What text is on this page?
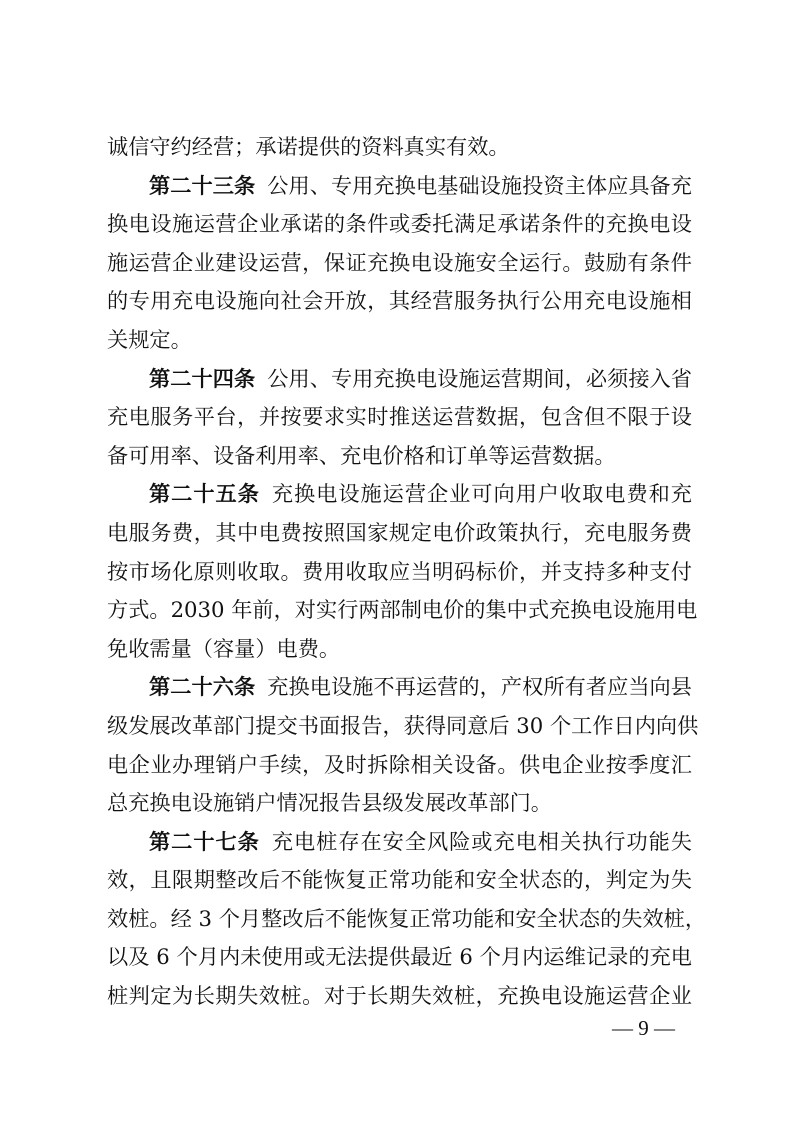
诚信守约经营；承诺提供的资料真实有效。
第二十三条 公用、专用充换电基础设施投资主体应具备充
换电设施运营企业承诺的条件或委托满足承诺条件的充换电设
施运营企业建设运营，保证充换电设施安全运行。鼓励有条件
的专用充电设施向社会开放，其经营服务执行公用充电设施相
关规定。
第二十四条 公用、专用充换电设施运营期间，必须接入省
充电服务平台，并按要求实时推送运营数据，包含但不限于设
备可用率、设备利用率、充电价格和订单等运营数据。
第二十五条 充换电设施运营企业可向用户收取电费和充
电服务费，其中电费按照国家规定电价政策执行，充电服务费
按市场化原则收取。费用收取应当明码标价，并支持多种支付
方式。2030 年前，对实行两部制电价的集中式充换电设施用电
免收需量（容量）电费。
第二十六条 充换电设施不再运营的，产权所有者应当向县
级发展改革部门提交书面报告，获得同意后 30 个工作日内向供
电企业办理销户手续，及时拆除相关设备。供电企业按季度汇
总充换电设施销户情况报告县级发展改革部门。
第二十七条 充电桩存在安全风险或充电相关执行功能失
效，且限期整改后不能恢复正常功能和安全状态的，判定为失
效桩。经 3 个月整改后不能恢复正常功能和安全状态的失效桩，
以及 6 个月内未使用或无法提供最近 6 个月内运维记录的充电
桩判定为长期失效桩。对于长期失效桩，充换电设施运营企业
— 9 —
